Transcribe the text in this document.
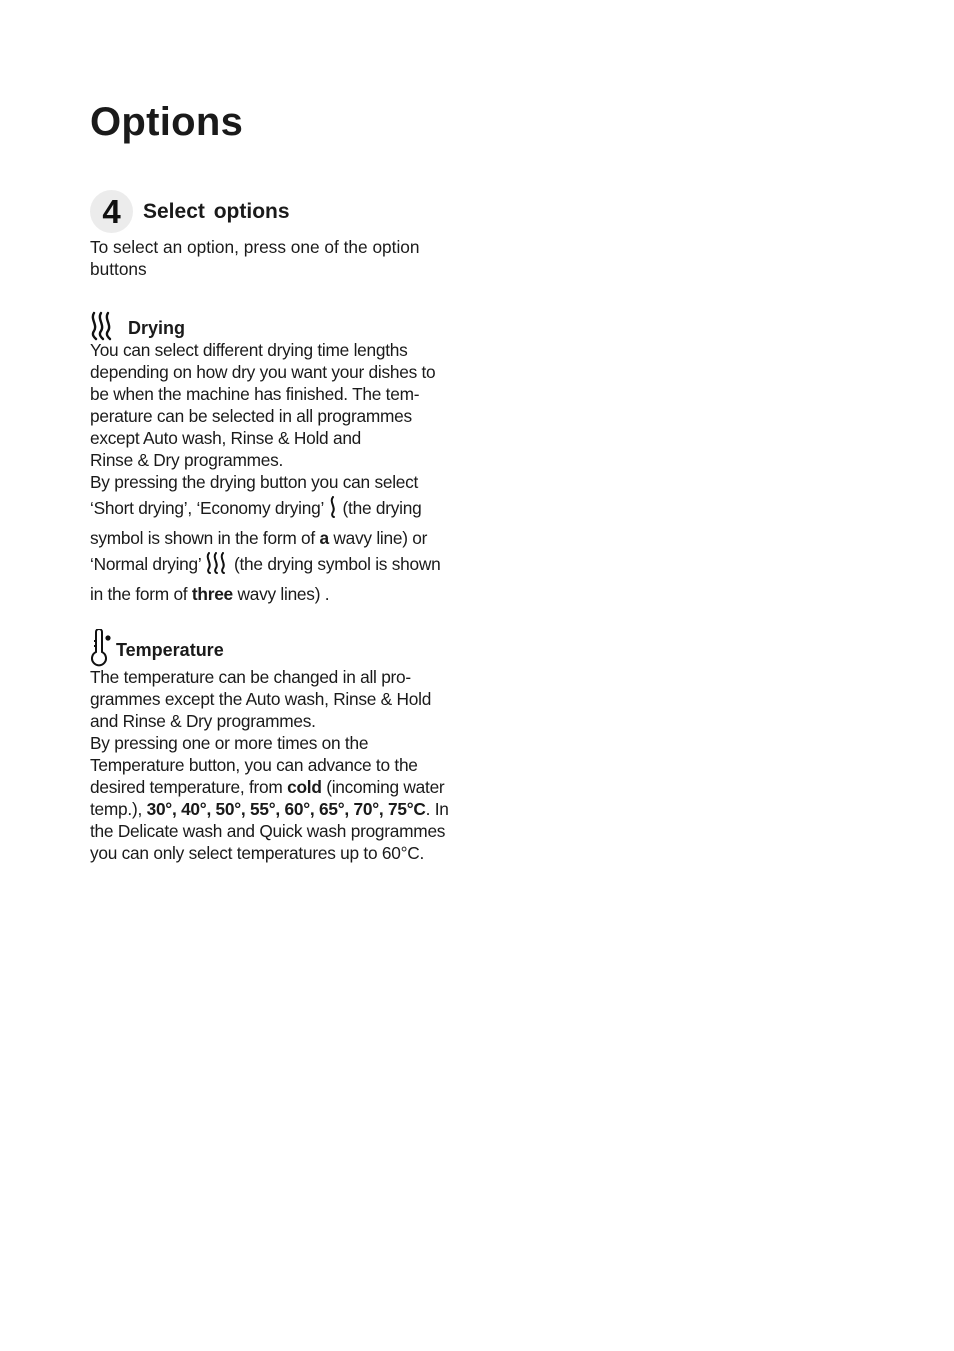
Options
4	Select options

To select an option, press one of the option buttons

Drying
You can select different drying time lengths
depending on how dry you want your dishes to
be when the machine has finished. The tem-
perature can be selected in all programmes
except Auto wash, Rinse & Hold and
Rinse & Dry programmes.
By pressing the drying button you can select
‘Short drying’, ‘Economy drying’ (the drying
symbol is shown in the form of a wavy line) or
‘Normal drying’ (the drying symbol is shown
in the form of three wavy lines) .
Temperature
The temperature can be changed in all pro-
grammes except the Auto wash, Rinse & Hold
and Rinse & Dry programmes.
By pressing one or more times on the
Temperature button, you can advance to the
desired temperature, from cold (incoming water
temp.), 30°, 40°, 50°, 55°, 60°, 65°, 70°, 75°C. In
the Delicate wash and Quick wash programmes
you can only select temperatures up to 60°C.
